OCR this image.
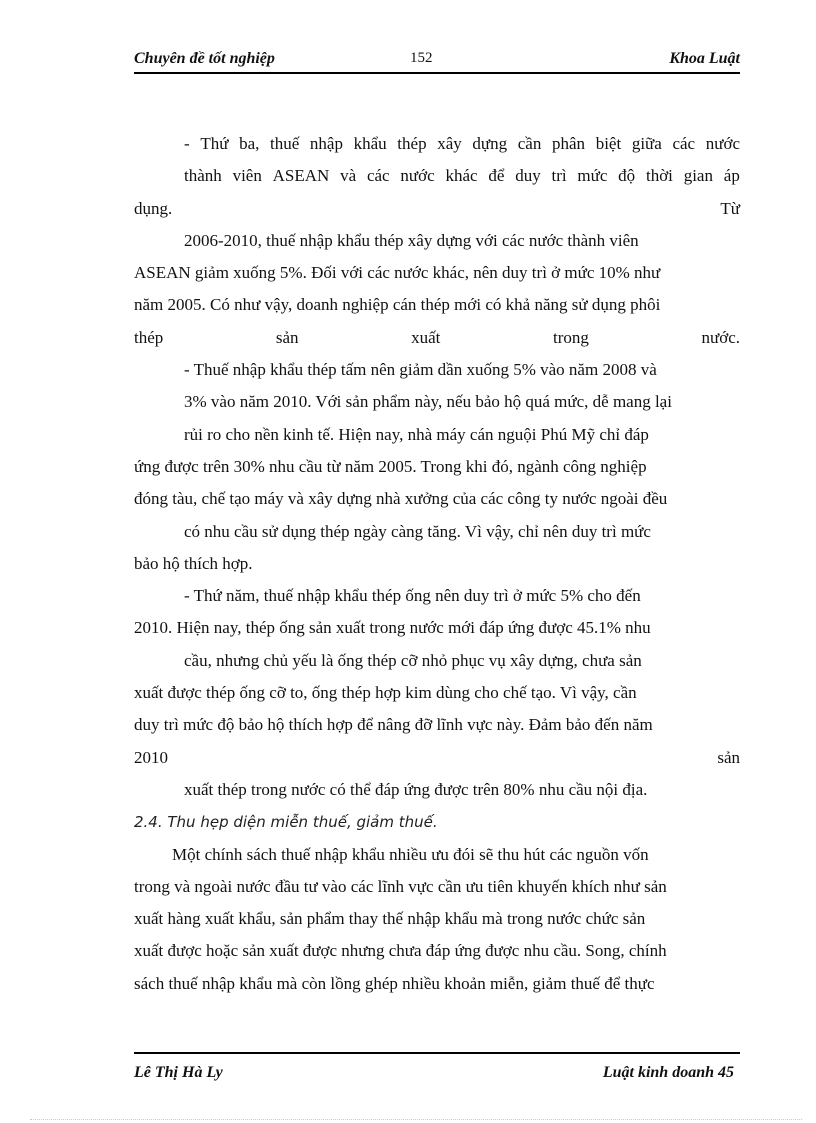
Chuyên đề tốt nghiệp	152	Khoa Luật
- Thứ ba, thuế nhập khẩu thép xây dựng cần phân biệt giữa các nước
thành viên ASEAN và các nước khác để duy trì mức độ thời gian áp
dụng.	Từ
2006-2010, thuế nhập khẩu thép xây dựng với các nước thành viên
ASEAN giảm xuống 5%. Đối với các nước khác, nên duy trì ở mức 10% như
năm 2005. Có như vậy, doanh nghiệp cán thép mới có khả năng sử dụng phôi
thép	sản	xuất	trong	nước.
- Thuế nhập khẩu thép tấm nên giảm dần xuống 5% vào năm 2008 và
3% vào năm 2010. Với sản phẩm này, nếu bảo hộ quá mức, dễ mang lại
rủi ro cho nền kinh tế. Hiện nay, nhà máy cán nguội Phú Mỹ chỉ đáp
ứng được trên 30% nhu cầu từ năm 2005. Trong khi đó, ngành công nghiệp
đóng tàu, chế tạo máy và xây dựng nhà xưởng của các công ty nước ngoài đều
có nhu cầu sử dụng thép ngày càng tăng. Vì vậy, chỉ nên duy trì mức
bảo hộ thích hợp.
- Thứ năm, thuế nhập khẩu thép ống nên duy trì ở mức 5% cho đến
2010. Hiện nay, thép ống sản xuất trong nước mới đáp ứng được 45.1% nhu
cầu, nhưng chủ yếu là ống thép cỡ nhỏ phục vụ xây dựng, chưa sản
xuất được thép ống cỡ to, ống thép hợp kim dùng cho chế tạo. Vì vậy, cần
duy trì mức độ bảo hộ thích hợp để nâng đỡ lĩnh vực này. Đảm bảo đến năm
2010	sản
xuất thép trong nước có thể đáp ứng được trên 80% nhu cầu nội địa.
2.4. Thu hẹp diện miễn thuế, giảm thuế.
Một chính sách thuế nhập khẩu nhiều ưu đói sẽ thu hút các nguồn vốn
trong và ngoài nước đầu tư vào các lĩnh vực cần ưu tiên khuyến khích như sản
xuất hàng xuất khẩu, sản phẩm thay thế nhập khẩu mà trong nước chức sản
xuất được hoặc sản xuất được nhưng chưa đáp ứng được nhu cầu. Song, chính
sách thuế nhập khẩu mà còn lồng ghép nhiều khoản miễn, giảm thuế để thực
Lê Thị Hà Ly	Luật kinh doanh 45
